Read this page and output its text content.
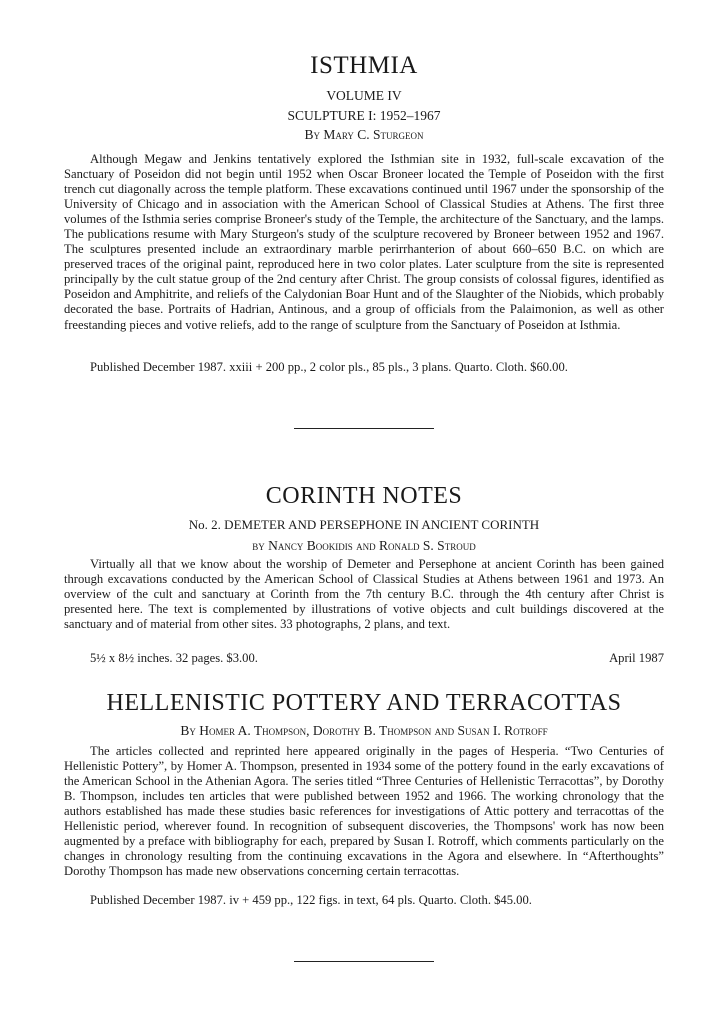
ISTHMIA

VOLUME IV

SCULPTURE I: 1952–1967

By Mary C. Sturgeon

Although Megaw and Jenkins tentatively explored the Isthmian site in 1932, full-scale excavation of the Sanctuary of Poseidon did not begin until 1952 when Oscar Broneer located the Temple of Poseidon with the first trench cut diagonally across the temple platform. These excavations continued until 1967 under the sponsorship of the University of Chicago and in association with the American School of Classical Studies at Athens. The first three volumes of the Isthmia series comprise Broneer's study of the Temple, the architecture of the Sanctuary, and the lamps. The publications resume with Mary Sturgeon's study of the sculpture recovered by Broneer between 1952 and 1967. The sculptures presented include an extraordinary marble perirrhanterion of about 660–650 B.C. on which are preserved traces of the original paint, reproduced here in two color plates. Later sculpture from the site is represented principally by the cult statue group of the 2nd century after Christ. The group consists of colossal figures, identified as Poseidon and Amphitrite, and reliefs of the Calydonian Boar Hunt and of the Slaughter of the Niobids, which probably decorated the base. Portraits of Hadrian, Antinous, and a group of officials from the Palaimonion, as well as other freestanding pieces and votive reliefs, add to the range of sculpture from the Sanctuary of Poseidon at Isthmia.

Published December 1987. xxiii + 200 pp., 2 color pls., 85 pls., 3 plans. Quarto. Cloth. $60.00.

CORINTH NOTES

No. 2. DEMETER AND PERSEPHONE IN ANCIENT CORINTH

by Nancy Bookidis and Ronald S. Stroud

Virtually all that we know about the worship of Demeter and Persephone at ancient Corinth has been gained through excavations conducted by the American School of Classical Studies at Athens between 1961 and 1973. An overview of the cult and sanctuary at Corinth from the 7th century B.C. through the 4th century after Christ is presented here. The text is complemented by illustrations of votive objects and cult buildings discovered at the sanctuary and of material from other sites. 33 photographs, 2 plans, and text.

5½ x 8½ inches. 32 pages. $3.00.	April 1987
HELLENISTIC POTTERY AND TERRACOTTAS

By Homer A. Thompson, Dorothy B. Thompson and Susan I. Rotroff

The articles collected and reprinted here appeared originally in the pages of Hesperia. “Two Centuries of Hellenistic Pottery”, by Homer A. Thompson, presented in 1934 some of the pottery found in the early excavations of the American School in the Athenian Agora. The series titled “Three Centuries of Hellenistic Terracottas”, by Dorothy B. Thompson, includes ten articles that were published between 1952 and 1966. The working chronology that the authors established has made these studies basic references for investigations of Attic pottery and terracottas of the Hellenistic period, wherever found. In recognition of subsequent discoveries, the Thompsons' work has now been augmented by a preface with bibliography for each, prepared by Susan I. Rotroff, which comments particularly on the changes in chronology resulting from the continuing excavations in the Agora and elsewhere. In “Afterthoughts” Dorothy Thompson has made new observations concerning certain terracottas.

Published December 1987. iv + 459 pp., 122 figs. in text, 64 pls. Quarto. Cloth. $45.00.
